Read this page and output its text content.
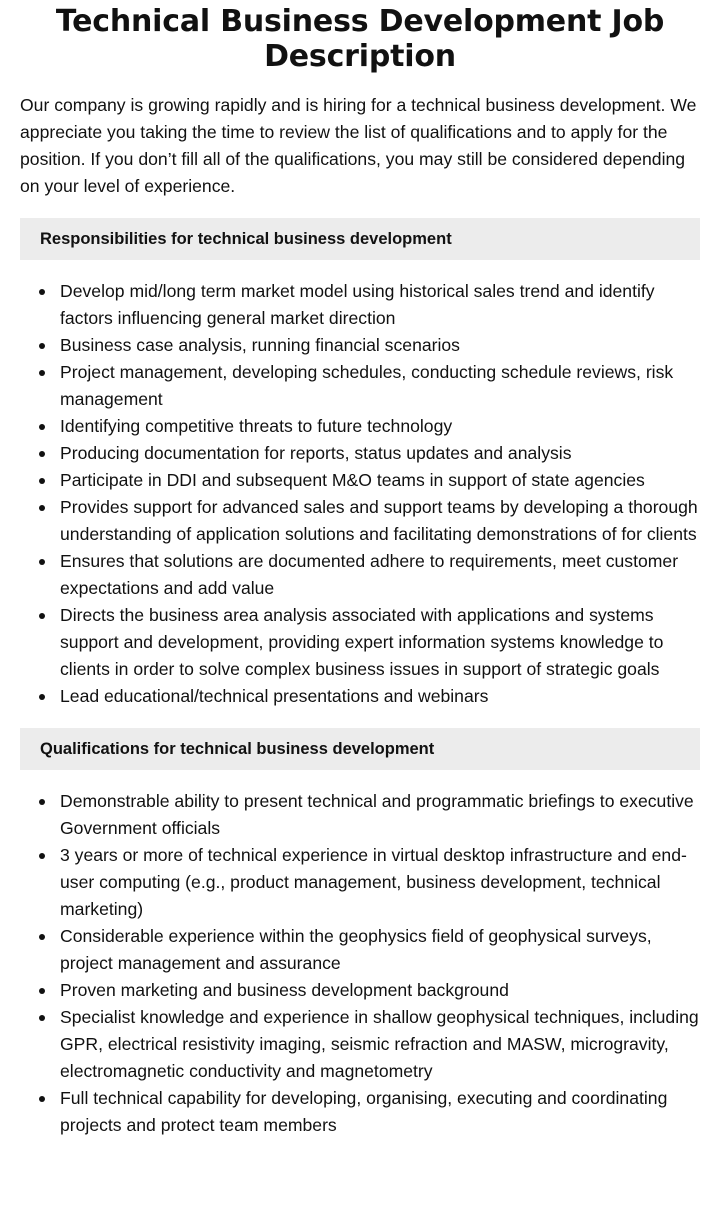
Technical Business Development Job Description

Our company is growing rapidly and is hiring for a technical business development. We appreciate you taking the time to review the list of qualifications and to apply for the position. If you don’t fill all of the qualifications, you may still be considered depending on your level of experience.

Responsibilities for technical business development
Develop mid/long term market model using historical sales trend and identify factors influencing general market direction
Business case analysis, running financial scenarios
Project management, developing schedules, conducting schedule reviews, risk management
Identifying competitive threats to future technology
Producing documentation for reports, status updates and analysis
Participate in DDI and subsequent M&O teams in support of state agencies
Provides support for advanced sales and support teams by developing a thorough understanding of application solutions and facilitating demonstrations of for clients
Ensures that solutions are documented adhere to requirements, meet customer expectations and add value
Directs the business area analysis associated with applications and systems support and development, providing expert information systems knowledge to clients in order to solve complex business issues in support of strategic goals
Lead educational/technical presentations and webinars
Qualifications for technical business development
Demonstrable ability to present technical and programmatic briefings to executive Government officials
3 years or more of technical experience in virtual desktop infrastructure and end-user computing (e.g., product management, business development, technical marketing)
Considerable experience within the geophysics field of geophysical surveys, project management and assurance
Proven marketing and business development background
Specialist knowledge and experience in shallow geophysical techniques, including GPR, electrical resistivity imaging, seismic refraction and MASW, microgravity, electromagnetic conductivity and magnetometry
Full technical capability for developing, organising, executing and coordinating projects and protect team members
